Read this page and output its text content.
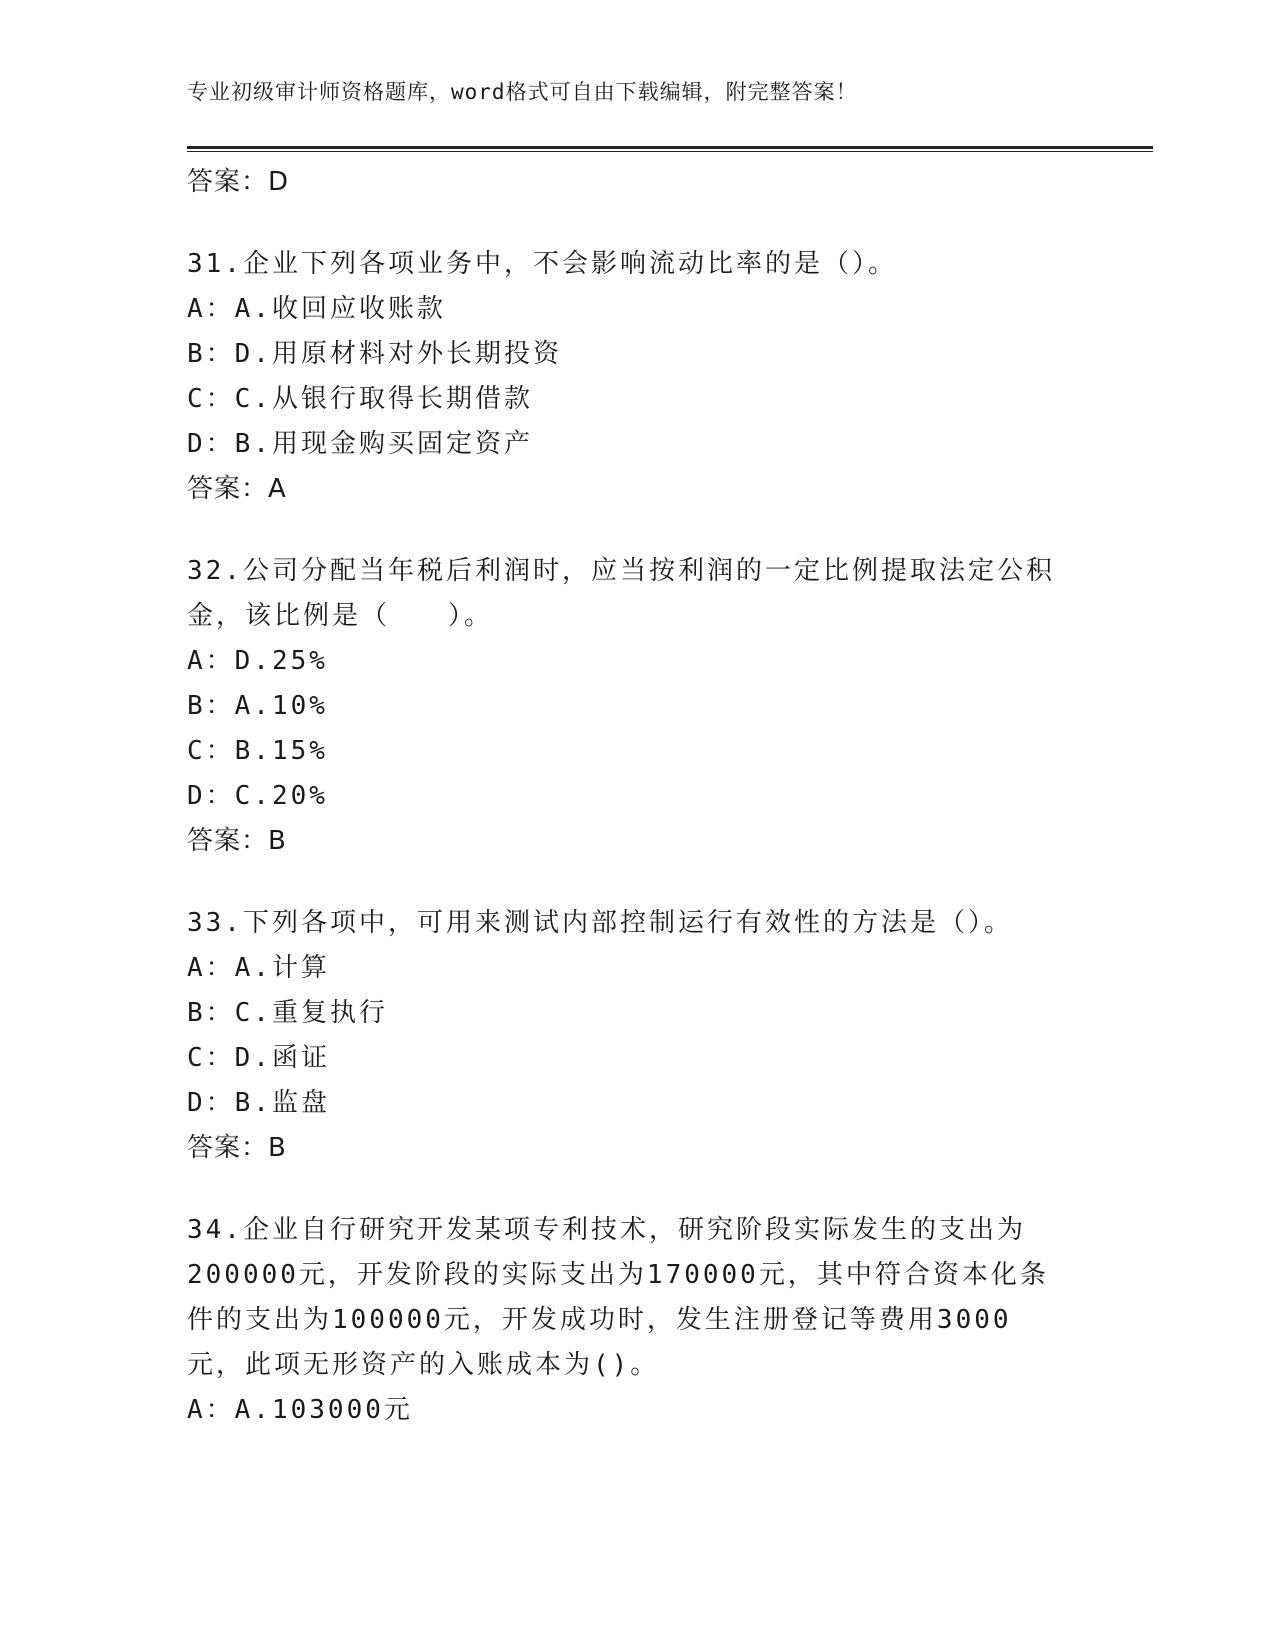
专业初级审计师资格题库，word格式可自由下载编辑，附完整答案！
答案：D
31.企业下列各项业务中，不会影响流动比率的是（）。
A：A.收回应收账款
B：D.用原材料对外长期投资
C：C.从银行取得长期借款
D：B.用现金购买固定资产
答案：A
32.公司分配当年税后利润时，应当按利润的一定比例提取法定公积金，该比例是（　　）。
A：D.25%
B：A.10%
C：B.15%
D：C.20%
答案：B
33.下列各项中，可用来测试内部控制运行有效性的方法是（）。
A：A.计算
B：C.重复执行
C：D.函证
D：B.监盘
答案：B
34.企业自行研究开发某项专利技术，研究阶段实际发生的支出为200000元，开发阶段的实际支出为170000元，其中符合资本化条件的支出为100000元，开发成功时，发生注册登记等费用3000元，此项无形资产的入账成本为()。
A：A.103000元
